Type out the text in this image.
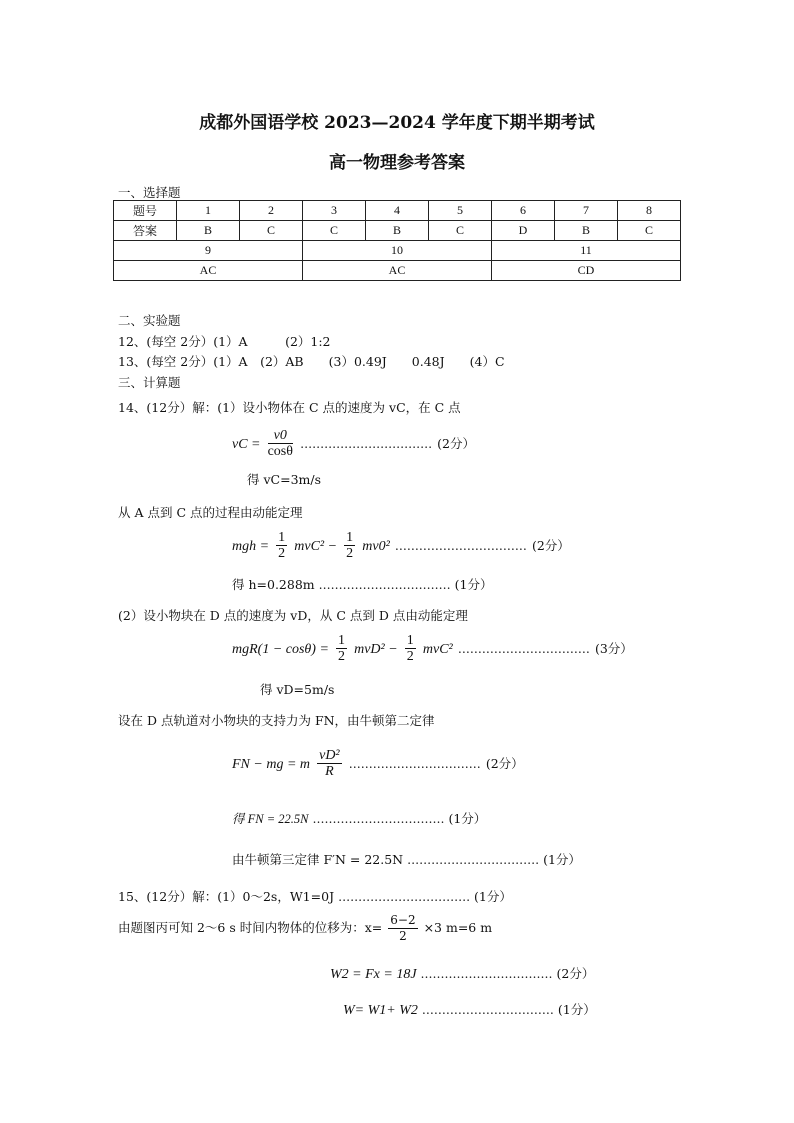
成都外国语学校 2023—2024 学年度下期半期考试
高一物理参考答案
一、选择题
题号	1	2	3	4	5	6	7	8
答案	B	C	C	B	C	D	B	C
9			10			11		
AC			AC			CD		
二、实验题
12、(每空 2分）(1）A　　　(2）1:2
13、(每空 2分）(1）A　(2）AB　　(3）0.49J　　0.48J　　(4）C
三、计算题
14、(12分）解：(1）设小物体在 C 点的速度为 vC，在 C 点
vC = $\frac{v0}{\cos\theta}$ …………………………… (2分）
得 vC=3m/s
从 A 点到 C 点的过程由动能定理
mgh = $\frac{1}{2} mvC^2 - \frac{1}{2} mv0^2$ …………………………… (2分）
得 h=0.288m …………………………… (1分）
(2）设小物块在 D 点的速度为 vD，从 C 点到 D 点由动能定理
$mgR(1 - \cos\theta) = \frac{1}{2} mvD^2 - \frac{1}{2} mvC^2$ …………………………… (3分）
得 vD=5m/s
设在 D 点轨道对小物块的支持力为 FN，由牛顿第二定律
FN − mg = m $\frac{\text{vD²}}{R}$ …………………………… (2分）
得 FN = 22.5N …………………………… (1分）
由牛顿第三定律 F′N = 22.5N …………………………… (1分）
15、(12分）解：(1）0～2s，W1=0J …………………………… (1分）
由题图丙可知 2～6 s 时间内物体的位移为：$x= \frac{6-2}{2} \times 3$ m=6 m
W2 = Fx = 18J …………………………… (2分）
W= W1+ W2 …………………………… (1分）
